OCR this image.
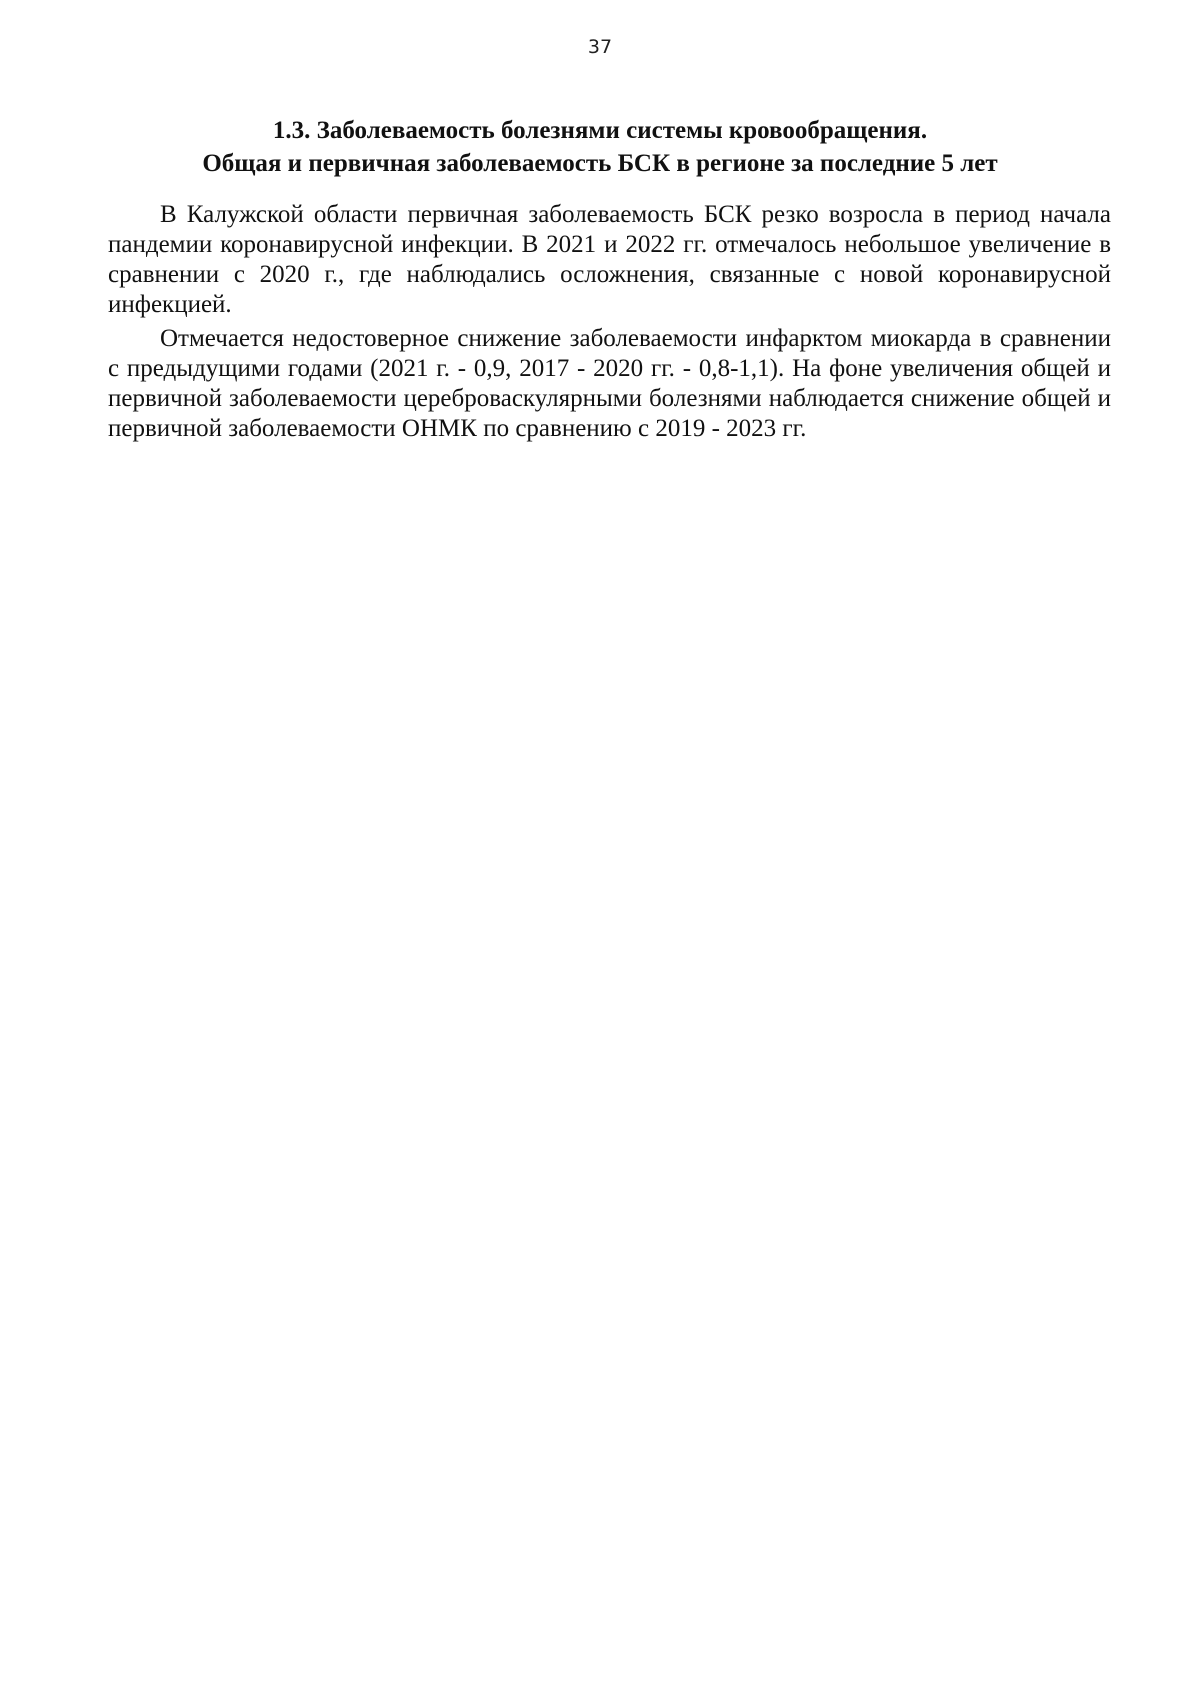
37
1.3. Заболеваемость болезнями системы кровообращения.
Общая и первичная заболеваемость БСК в регионе за последние 5 лет

В Калужской области первичная заболеваемость БСК резко возросла в период начала пандемии коронавирусной инфекции. В 2021 и 2022 гг. отмечалось небольшое увеличение в сравнении с 2020 г., где наблюдались осложнения, связанные с новой коронавирусной инфекцией.

Отмечается недостоверное снижение заболеваемости инфарктом миокарда в сравнении с предыдущими годами (2021 г. - 0,9, 2017 - 2020 гг. - 0,8-1,1). На фоне увеличения общей и первичной заболеваемости цереброваскулярными болезнями наблюдается снижение общей и первичной заболеваемости ОНМК по сравнению с 2019 - 2023 гг.
